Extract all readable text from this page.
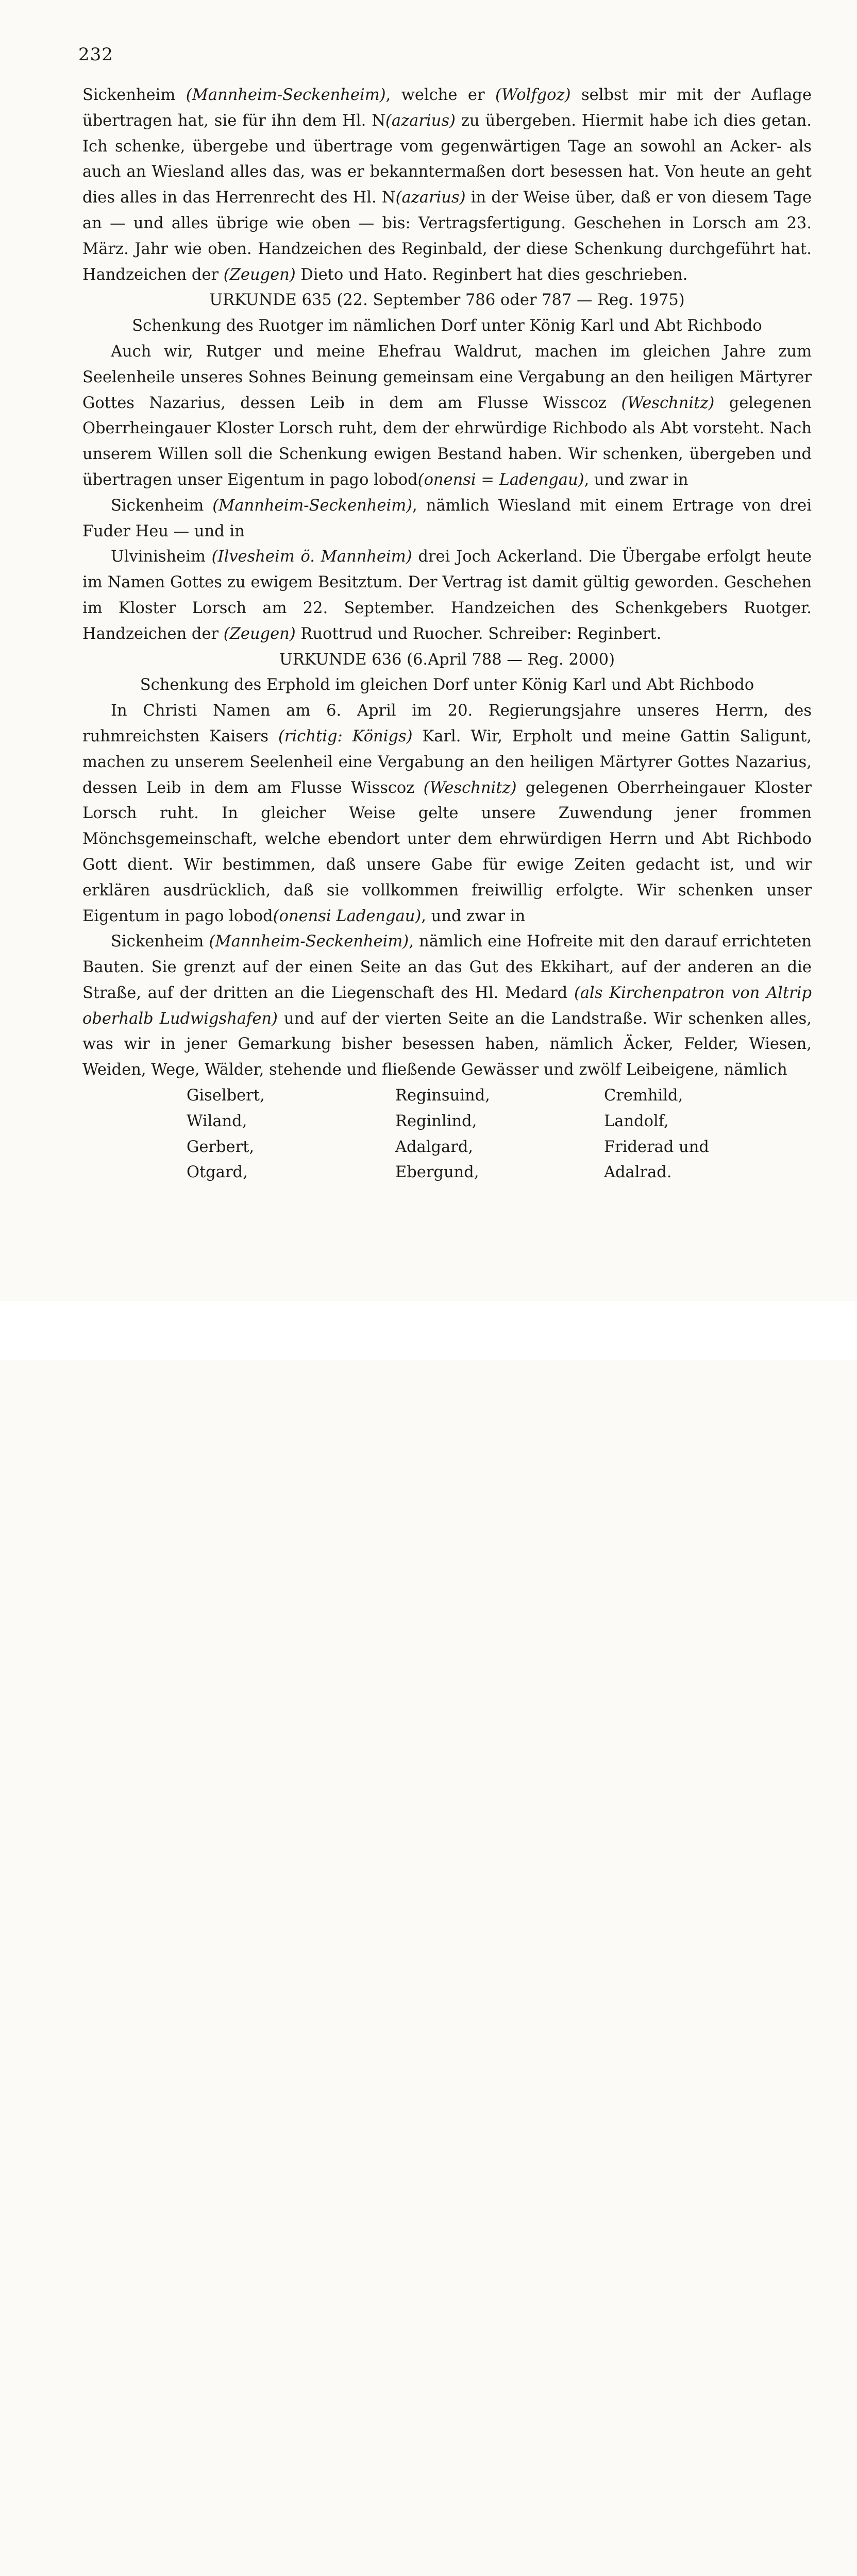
232

Sickenheim (Mannheim-Seckenheim), welche er (Wolfgoz) selbst mir mit der Auflage übertragen hat, sie für ihn dem Hl. N(azarius) zu übergeben. Hiermit habe ich dies getan. Ich schenke, übergebe und übertrage vom gegenwärtigen Tage an sowohl an Acker- als auch an Wiesland alles das, was er bekanntermaßen dort besessen hat. Von heute an geht dies alles in das Herrenrecht des Hl. N(azarius) in der Weise über, daß er von diesem Tage an — und alles übrige wie oben — bis: Vertragsfertigung. Geschehen in Lorsch am 23. März. Jahr wie oben. Handzeichen des Reginbald, der diese Schenkung durchgeführt hat. Handzeichen der (Zeugen) Dieto und Hato. Reginbert hat dies geschrieben.

URKUNDE 635 (22. September 786 oder 787 — Reg. 1975)

Schenkung des Ruotger im nämlichen Dorf unter König Karl und Abt Richbodo

Auch wir, Rutger und meine Ehefrau Waldrut, machen im gleichen Jahre zum Seelenheile unseres Sohnes Beinung gemeinsam eine Vergabung an den heiligen Märtyrer Gottes Nazarius, dessen Leib in dem am Flusse Wisscoz (Weschnitz) gelegenen Oberrheingauer Kloster Lorsch ruht, dem der ehrwürdige Richbodo als Abt vorsteht. Nach unserem Willen soll die Schenkung ewigen Bestand haben. Wir schenken, übergeben und übertragen unser Eigentum in pago lobod(onensi = Ladengau), und zwar in

Sickenheim (Mannheim-Seckenheim), nämlich Wiesland mit einem Ertrage von drei Fuder Heu — und in

Ulvinisheim (Ilvesheim ö. Mannheim) drei Joch Ackerland. Die Übergabe erfolgt heute im Namen Gottes zu ewigem Besitztum. Der Vertrag ist damit gültig geworden. Geschehen im Kloster Lorsch am 22. September. Handzeichen des Schenkgebers Ruotger. Handzeichen der (Zeugen) Ruottrud und Ruocher. Schreiber: Reginbert.

URKUNDE 636 (6.April 788 — Reg. 2000)

Schenkung des Erphold im gleichen Dorf unter König Karl und Abt Richbodo

In Christi Namen am 6. April im 20. Regierungsjahre unseres Herrn, des ruhmreichsten Kaisers (richtig: Königs) Karl. Wir, Erpholt und meine Gattin Saligunt, machen zu unserem Seelenheil eine Vergabung an den heiligen Märtyrer Gottes Nazarius, dessen Leib in dem am Flusse Wisscoz (Weschnitz) gelegenen Oberrheingauer Kloster Lorsch ruht. In gleicher Weise gelte unsere Zuwendung jener frommen Mönchsgemeinschaft, welche ebendort unter dem ehrwürdigen Herrn und Abt Richbodo Gott dient. Wir bestimmen, daß unsere Gabe für ewige Zeiten gedacht ist, und wir erklären ausdrücklich, daß sie vollkommen freiwillig erfolgte. Wir schenken unser Eigentum in pago lobod(onensi Ladengau), und zwar in

Sickenheim (Mannheim-Seckenheim), nämlich eine Hofreite mit den darauf errichteten Bauten. Sie grenzt auf der einen Seite an das Gut des Ekkihart, auf der anderen an die Straße, auf der dritten an die Liegenschaft des Hl. Medard (als Kirchenpatron von Altrip oberhalb Ludwigshafen) und auf der vierten Seite an die Landstraße. Wir schenken alles, was wir in jener Gemarkung bisher besessen haben, nämlich Äcker, Felder, Wiesen, Weiden, Wege, Wälder, stehende und fließende Gewässer und zwölf Leibeigene, nämlich

Giselbert,	Reginsuind,	Cremhild,
Wiland,	Reginlind,	Landolf,
Gerbert,	Adalgard,	Friderad und
Otgard,	Ebergund,	Adalrad.
